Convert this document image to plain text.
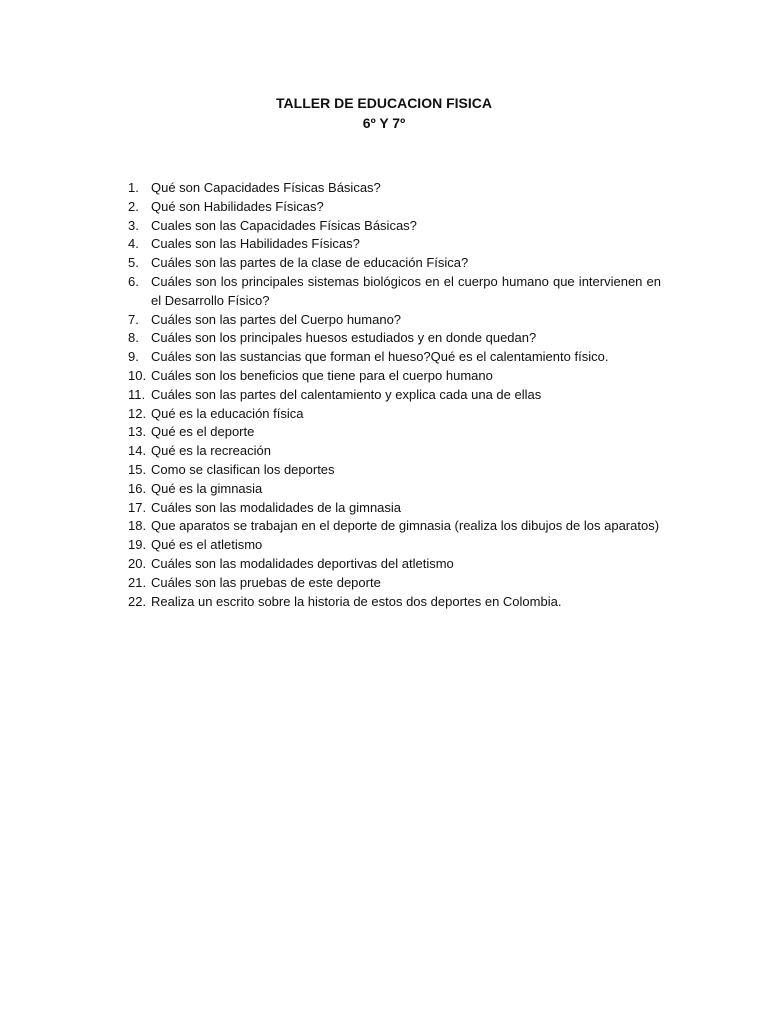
TALLER DE EDUCACION FISICA
6º Y 7º
1. Qué son Capacidades Físicas Básicas?
2. Qué son Habilidades Físicas?
3. Cuales son las Capacidades Físicas Básicas?
4. Cuales son las Habilidades Físicas?
5. Cuáles son las partes de la clase de educación Física?
6. Cuáles son los principales sistemas biológicos en el cuerpo humano que intervienen en el Desarrollo Físico?
7. Cuáles son las partes del Cuerpo humano?
8. Cuáles son los principales huesos estudiados y en donde quedan?
9. Cuáles son las sustancias que forman el hueso?Qué es el calentamiento físico.
10. Cuáles son los beneficios que tiene para el cuerpo humano
11. Cuáles son las partes del calentamiento y explica cada una de ellas
12. Qué es la educación física
13. Qué es el deporte
14. Qué es la recreación
15. Como se clasifican los deportes
16. Qué es la gimnasia
17. Cuáles son las modalidades de la gimnasia
18. Que aparatos se trabajan en el deporte de gimnasia (realiza los dibujos de los aparatos)
19. Qué es el atletismo
20. Cuáles son las modalidades deportivas del atletismo
21. Cuáles son las pruebas de este deporte
22. Realiza un escrito sobre la historia de estos dos deportes en Colombia.
